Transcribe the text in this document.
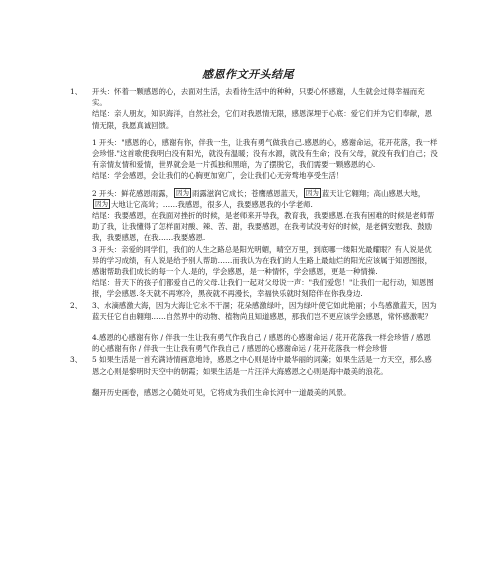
感恩作文开头结尾
1、	开头：怀着一颗感恩的心，去面对生活，去看待生活中的种种，只要心怀感谢，人生就会过得幸福而充实。

结尾：亲人朋友，知识海洋，自然社会，它们对我恩情无限，感恩深埋于心底：爱它们并为它们奉献，恩情无限，我愿真诚回馈。

1 开头："感恩的心，感谢有你，伴我一生，让我有勇气做我自己.感恩的心，感谢命运，花开花落，我一样会珍惜."这首歌使我明白没有阳光，就没有温暖；没有水源，就没有生命；没有父母，就没有我们自己；没有亲情友情和爱情，世界就会是一片孤独和黑暗，为了摆脱它，我们需要一颗感恩的心.

结尾：学会感恩，会让我们的心胸更加宽广，会让我们心无旁骛地享受生活！

2 开头：鲜花感恩雨露， 因为 雨露滋润它成长；苍鹰感恩蓝天， 因为 蓝天让它翱翔；高山感恩大地，因为 大地让它高耸；……我感恩，很多人，我要感恩我的小学老师.

结尾：我要感恩，在我面对挫折的时候，是老师来开导我，教育我，我要感恩.在我有困难的时候是老师帮助了我，让我懂得了怎样面对酸、辣、苦、甜，我要感恩，在我考试没考好的时候，是老俩安慰我、鼓励我，我要感恩，在我……我要感恩.

3 开头：亲爱的同学们，我们的人生之路总是阳光明媚，晴空万里，到底哪一缕阳光最耀眼？有人说是优异的学习成绩，有人说是给予别人帮助……而我认为在我们的人生路上最灿烂的阳光应该属于知恩图报，感谢帮助我们成长的每一个人.是的，学会感恩，是一种情怀，学会感恩，更是一种情操.

结尾：昔天下的孩子们都爱自己的父母.让我们一起对父母说一声："我们爱您！"让我们一起行动，知恩图报，学会感恩.冬天就不再寒冷，黑夜就不再漫长，幸福快乐就时刻陪伴在你我身边.

2、	3、水滴感激大海，因为大海让它永不干涸；花朵感激绿叶，因为绿叶使它如此艳丽；小鸟感激蓝天，因为蓝天任它自由翱翔……自然界中的动物、植物尚且知道感恩，那我们岂不更应该学会感恩，常怀感激呢？

4.感恩的心感谢有你 / 伴我一生让我有勇气作我自己 / 感恩的心感谢命运 / 花开花落我一样会珍惜 / 感恩的心感谢有你 / 伴我一生让我有勇气作我自己 / 感恩的心感谢命运 / 花开花落我一样会珍惜

3、	5 如果生活是一首充满诗情画意地诗，感恩之中心则是诗中最华丽的词藻；如果生活是一方天空，那么感恩之心则是黎明时天空中的朝霞；如果生活是一片汪洋大海感恩之心则是海中最美的浪花。

翻开历史画卷，感恩之心随处可见，它将成为我们生命长河中一道最美的风景。
